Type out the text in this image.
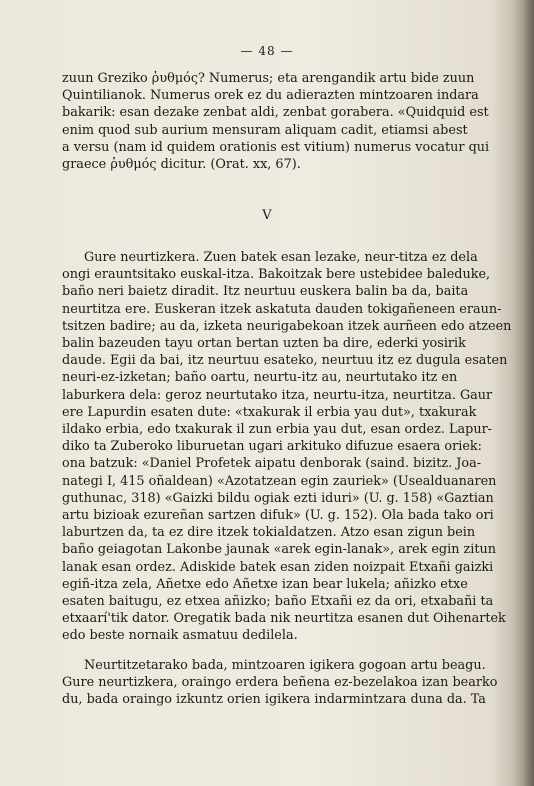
— 48 —

zuun Greziko ῥυθμός? Numerus; eta arengandik artu bide zuun
Quintilianok. Numerus orek ez du adierazten mintzoaren indara
bakarik: esan dezake zenbat aldi, zenbat gorabera. «Quidquid est
enim quod sub aurium mensuram aliquam cadit, etiamsi abest
a versu (nam id quidem orationis est vitium) numerus vocatur qui
graece ῥυθμός dicitur. (Orat. xx, 67).

V

Gure neurtizkera. Zuen batek esan lezake, neur-titza ez dela
ongi erauntsitako euskal-itza. Bakoitzak bere ustebidee baleduke,
baño neri baietz diradit. Itz neurtuu euskera balin ba da, baita
neurtitza ere. Euskeran itzek askatuta dauden tokigañeneen eraun-
tsitzen badire; au da, izketa neurigabekoan itzek aurñeen edo atzeen
balin bazeuden tayu ortan bertan uzten ba dire, ederki yosirik
daude. Egii da bai, itz neurtuu esateko, neurtuu itz ez dugula esaten
neuri-ez-izketan; baño oartu, neurtu-itz au, neurtutako itz en
laburkera dela: geroz neurtutako itza, neurtu-itza, neurtitza. Gaur
ere Lapurdin esaten dute: «txakurak il erbia yau dut», txakurak
ildako erbia, edo txakurak il zun erbia yau dut, esan ordez. Lapur-
diko ta Zuberoko liburuetan ugari arkituko difuzue esaera oriek:
ona batzuk: «Daniel Profetek aipatu denborak (saind. bizitz. Joa-
nategi I, 415 oñaldean) «Azotatzean egin zauriek» (Usealduanaren
guthunac, 318) «Gaizki bildu ogiak ezti iduri» (U. g. 158) «Gaztian
artu bizioak ezureñan sartzen difuk» (U. g. 152). Ola bada tako ori
laburtzen da, ta ez dire itzek tokialdatzen. Atzo esan zigun bein
baño geiagotan Lakonbe jaunak «arek egin-lanak», arek egin zitun
lanak esan ordez. Adiskide batek esan ziden noizpait Etxañi gaizki
egiñ-itza zela, Añetxe edo Añetxe izan bear lukela; añizko etxe
esaten baitugu, ez etxea añizko; baño Etxañi ez da ori, etxabañi ta
etxaarí'tik dator. Oregatik bada nik neurtitza esanen dut Oihenartek
edo beste nornaik asmatuu dedilela.

Neurtitzetarako bada, mintzoaren igikera gogoan artu beagu.
Gure neurtizkera, oraingo erdera beñena ez-bezelakoa izan bearko
du, bada oraingo izkuntz orien igikera indarmintzara duna da. Ta
